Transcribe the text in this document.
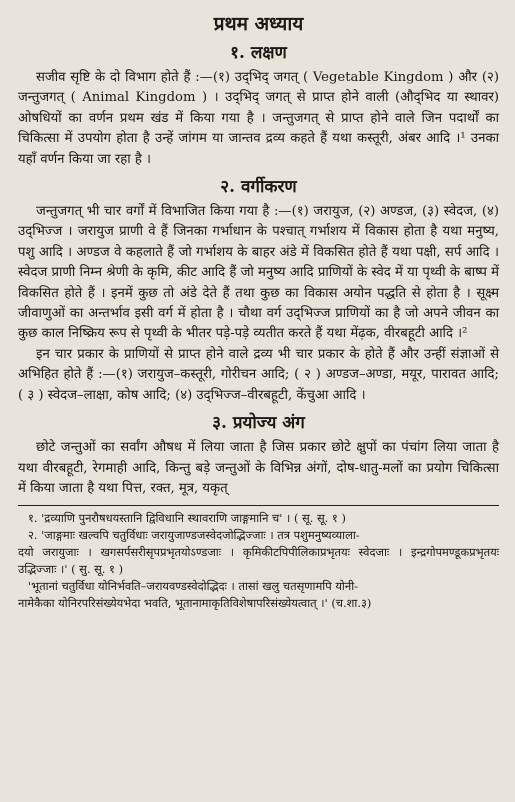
प्रथम अध्याय
१. लक्षण

सजीव सृष्टि के दो विभाग होते हैं :—(१) उद्‌भिद् जगत् ( Vegetable Kingdom ) और (२) जन्तुजगत् ( Animal Kingdom ) । उद्‌भिद् जगत् से प्राप्त होने वाली (औद्‌भिद या स्थावर) ओषधियों का वर्णन प्रथम खंड में किया गया है । जन्तुजगत् से प्राप्त होने वाले जिन पदार्थों का चिकित्सा में उपयोग होता है उन्हें जांगम या जान्तव द्रव्य कहते हैं यथा कस्तूरी, अंबर आदि ।¹ उनका यहाँ वर्णन किया जा रहा है ।

२. वर्गीकरण

जन्तुजगत् भी चार वर्गों में विभाजित किया गया है :—(१) जरायुज, (२) अण्डज, (३) स्वेदज, (४) उद्‌भिज्ज । जरायुज प्राणी वे हैं जिनका गर्भाधान के पश्चात् गर्भाशय में विकास होता है यथा मनुष्य, पशु आदि । अण्डज वे कहलाते हैं जो गर्भाशय के बाहर अंडे में विकसित होते हैं यथा पक्षी, सर्प आदि । स्वेदज प्राणी निम्न श्रेणी के कृमि, कीट आदि हैं जो मनुष्य आदि प्राणियों के स्वेद में या पृथ्वी के बाष्प में विकसित होते हैं । इनमें कुछ तो अंडे देते हैं तथा कुछ का विकास अयोन पद्धति से होता है । सूक्ष्म जीवाणुओं का अन्तर्भाव इसी वर्ग में होता है । चौथा वर्ग उद्‌भिज्ज प्राणियों का है जो अपने जीवन का कुछ काल निष्क्रिय रूप से पृथ्वी के भीतर पड़े-पड़े व्यतीत करते हैं यथा मेंढ़क, वीरबहूटी आदि ।²

इन चार प्रकार के प्राणियों से प्राप्त होने वाले द्रव्य भी चार प्रकार के होते हैं और उन्हीं संज्ञाओं से अभिहित होते हैं :—(१) जरायुज–कस्तूरी, गोरीचन आदि; ( २ ) अण्डज–अण्डा, मयूर, पारावत आदि; ( ३ ) स्वेदज–लाक्षा, कोष आदि; (४) उद्‌भिज्ज–वीरबहूटी, केंचुआ आदि ।

३. प्रयोज्य अंग

छोटे जन्तुओं का सर्वांग औषध में लिया जाता है जिस प्रकार छोटे क्षुपों का पंचांग लिया जाता है यथा वीरबहूटी, रेगमाही आदि, किन्तु बड़े जन्तुओं के विभिन्न अंगों, दोष-धातु-मलों का प्रयोग चिकित्सा में किया जाता है यथा पित्त, रक्त, मूत्र, यकृत्

१. 'द्रव्याणि पुनरौषधयस्तानि द्विविधानि स्थावराणि जाङ्गमानि च' । ( सू. सू. १ )

२. 'जाङ्गमाः खल्वपि चतुर्विधाः जरायुजाण्डजस्वेदजोद्भिज्जाः । तत्र पशुमनुष्यव्याला-

दयो जरायुजाः । खगसर्पसरीसृपप्रभृतयोऽण्डजाः । कृमिकीटपिपीलिकाप्रभृतयः स्वेदजाः । इन्द्रगोपमण्डूकप्रभृतयः उद्भिज्जाः ।' ( सु. सू. १ )

'भूतानां चतुर्विधा योनिर्भवति–जरायवण्डस्वेदोद्भिदः । तासां खलु चतसृणामपि योनी-

नामेकैका योनिरपरिसंख्येयभेदा भवति, भूतानामाकृतिविशेषापरिसंख्येयत्वात् ।' (च.शा.३)
